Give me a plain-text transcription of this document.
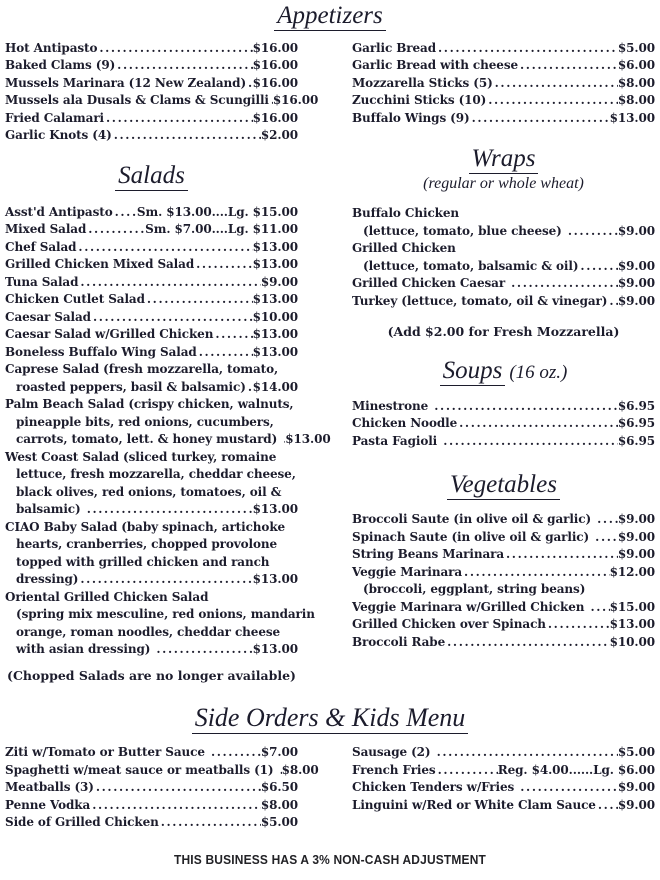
Appetizers
Hot Antipasto .....	$16.00
Baked Clams (9) .....	$16.00
Mussels Marinara (12 New Zealand) ..... $16.00
Mussels ala Dusals & Clams & Scungilli ..... $16.00
Fried Calamari .....	$16.00
Garlic Knots (4) .....	$2.00
Salads
Asst'd Antipasto ..... Sm. $13.00....Lg. $15.00
Mixed Salad .....	Sm. $7.00....Lg. $11.00
Chef Salad .....	$13.00
Grilled Chicken Mixed Salad .....	$13.00
Tuna Salad .....	$9.00
Chicken Cutlet Salad .....	$13.00
Caesar Salad .....	$10.00
Caesar Salad w/Grilled Chicken .....	$13.00
Boneless Buffalo Wing Salad .....	$13.00
Caprese Salad (fresh mozzarella, tomato,
roasted peppers, basil & balsamic) ..... $14.00
Palm Beach Salad (crispy chicken, walnuts,
pineapple bits, red onions, cucumbers,
carrots, tomato, lett. & honey mustard) ..... $13.00
West Coast Salad (sliced turkey, romaine
lettuce, fresh mozzarella, cheddar cheese,
black olives, red onions, tomatoes, oil &
balsamic) .....	$13.00
CIAO Baby Salad (baby spinach, artichoke
hearts, cranberries, chopped provolone
topped with grilled chicken and ranch
dressing) .....	$13.00
Oriental Grilled Chicken Salad
(spring mix mesculine, red onions, mandarin
orange, roman noodles, cheddar cheese
with asian dressing) .....	$13.00
(Chopped Salads are no longer available)
Garlic Bread .....	$5.00
Garlic Bread with cheese .....	$6.00
Mozzarella Sticks (5) .....	$8.00
Zucchini Sticks (10) .....	$8.00
Buffalo Wings (9) .....	$13.00
Wraps
(regular or whole wheat)
Buffalo Chicken
(lettuce, tomato, blue cheese) .....	$9.00
Grilled Chicken
(lettuce, tomato, balsamic & oil) .....	$9.00
Grilled Chicken Caesar .....	$9.00
Turkey (lettuce, tomato, oil & vinegar) ..... $9.00
(Add $2.00 for Fresh Mozzarella)
Soups (16 oz.)
Minestrone .....	$6.95
Chicken Noodle .....	$6.95
Pasta Fagioli .....	$6.95
Vegetables
Broccoli Saute (in olive oil & garlic) ..... $9.00
Spinach Saute (in olive oil & garlic) ..... $9.00
String Beans Marinara .....	$9.00
Veggie Marinara .....	$12.00
(broccoli, eggplant, string beans)
Veggie Marinara w/Grilled Chicken ..... $15.00
Grilled Chicken over Spinach .....	$13.00
Broccoli Rabe .....	$10.00
Side Orders & Kids Menu
Ziti w/Tomato or Butter Sauce .....	$7.00
Spaghetti w/meat sauce or meatballs (1) ..... $8.00
Meatballs (3) .....	$6.50
Penne Vodka .....	$8.00
Side of Grilled Chicken .....	$5.00
Sausage (2) .....	$5.00
French Fries .....	Reg. $4.00......Lg. $6.00
Chicken Tenders w/Fries .....	$9.00
Linguini w/Red or White Clam Sauce ..... $9.00
THIS BUSINESS HAS A 3% NON-CASH ADJUSTMENT
